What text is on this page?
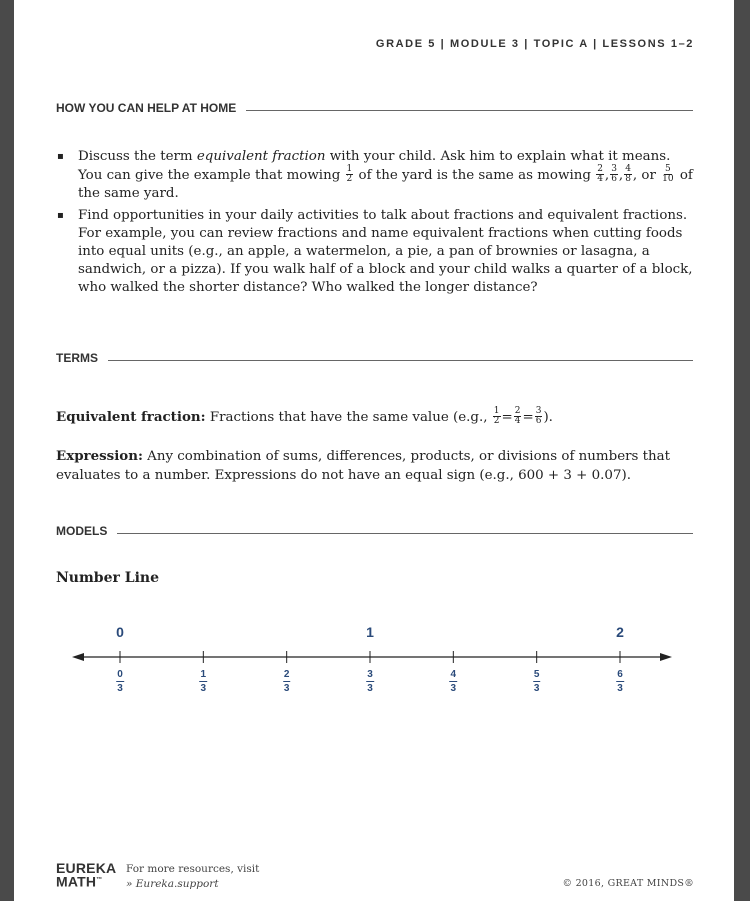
GRADE 5 | MODULE 3 | TOPIC A | LESSONS 1–2
HOW YOU CAN HELP AT HOME
▪ Discuss the term equivalent fraction with your child. Ask him to explain what it means. You can give the example that mowing $\frac{1}{2}$ of the yard is the same as mowing $\frac{2}{4}$ , $\frac{3}{6}$ , $\frac{4}{8}$ , or $\frac{5}{10}$ of the same yard.
▪ Find opportunities in your daily activities to talk about fractions and equivalent fractions. For example, you can review fractions and name equivalent fractions when cutting foods into equal units (e.g., an apple, a watermelon, a pie, a pan of brownies or lasagna, a sandwich, or a pizza). If you walk half of a block and your child walks a quarter of a block, who walked the shorter distance? Who walked the longer distance?
TERMS
Equivalent fraction: Fractions that have the same value (e.g., $\frac{1}{2} = \frac{2}{4} = \frac{3}{6}$ ).
Expression: Any combination of sums, differences, products, or divisions of numbers that evaluates to a number. Expressions do not have an equal sign (e.g., 600 + 3 + 0.07).
MODELS
Number Line
EUREKA
MATH™
For more resources, visit
» Eureka.support	© 2016, GREAT MINDS®
$\frac{0}{3}$	$\frac{1}{3}$	$\frac{2}{3}$	$\frac{3}{3}$	$\frac{4}{3}$	$\frac{5}{3}$	$\frac{6}{3}$
0	1	2
